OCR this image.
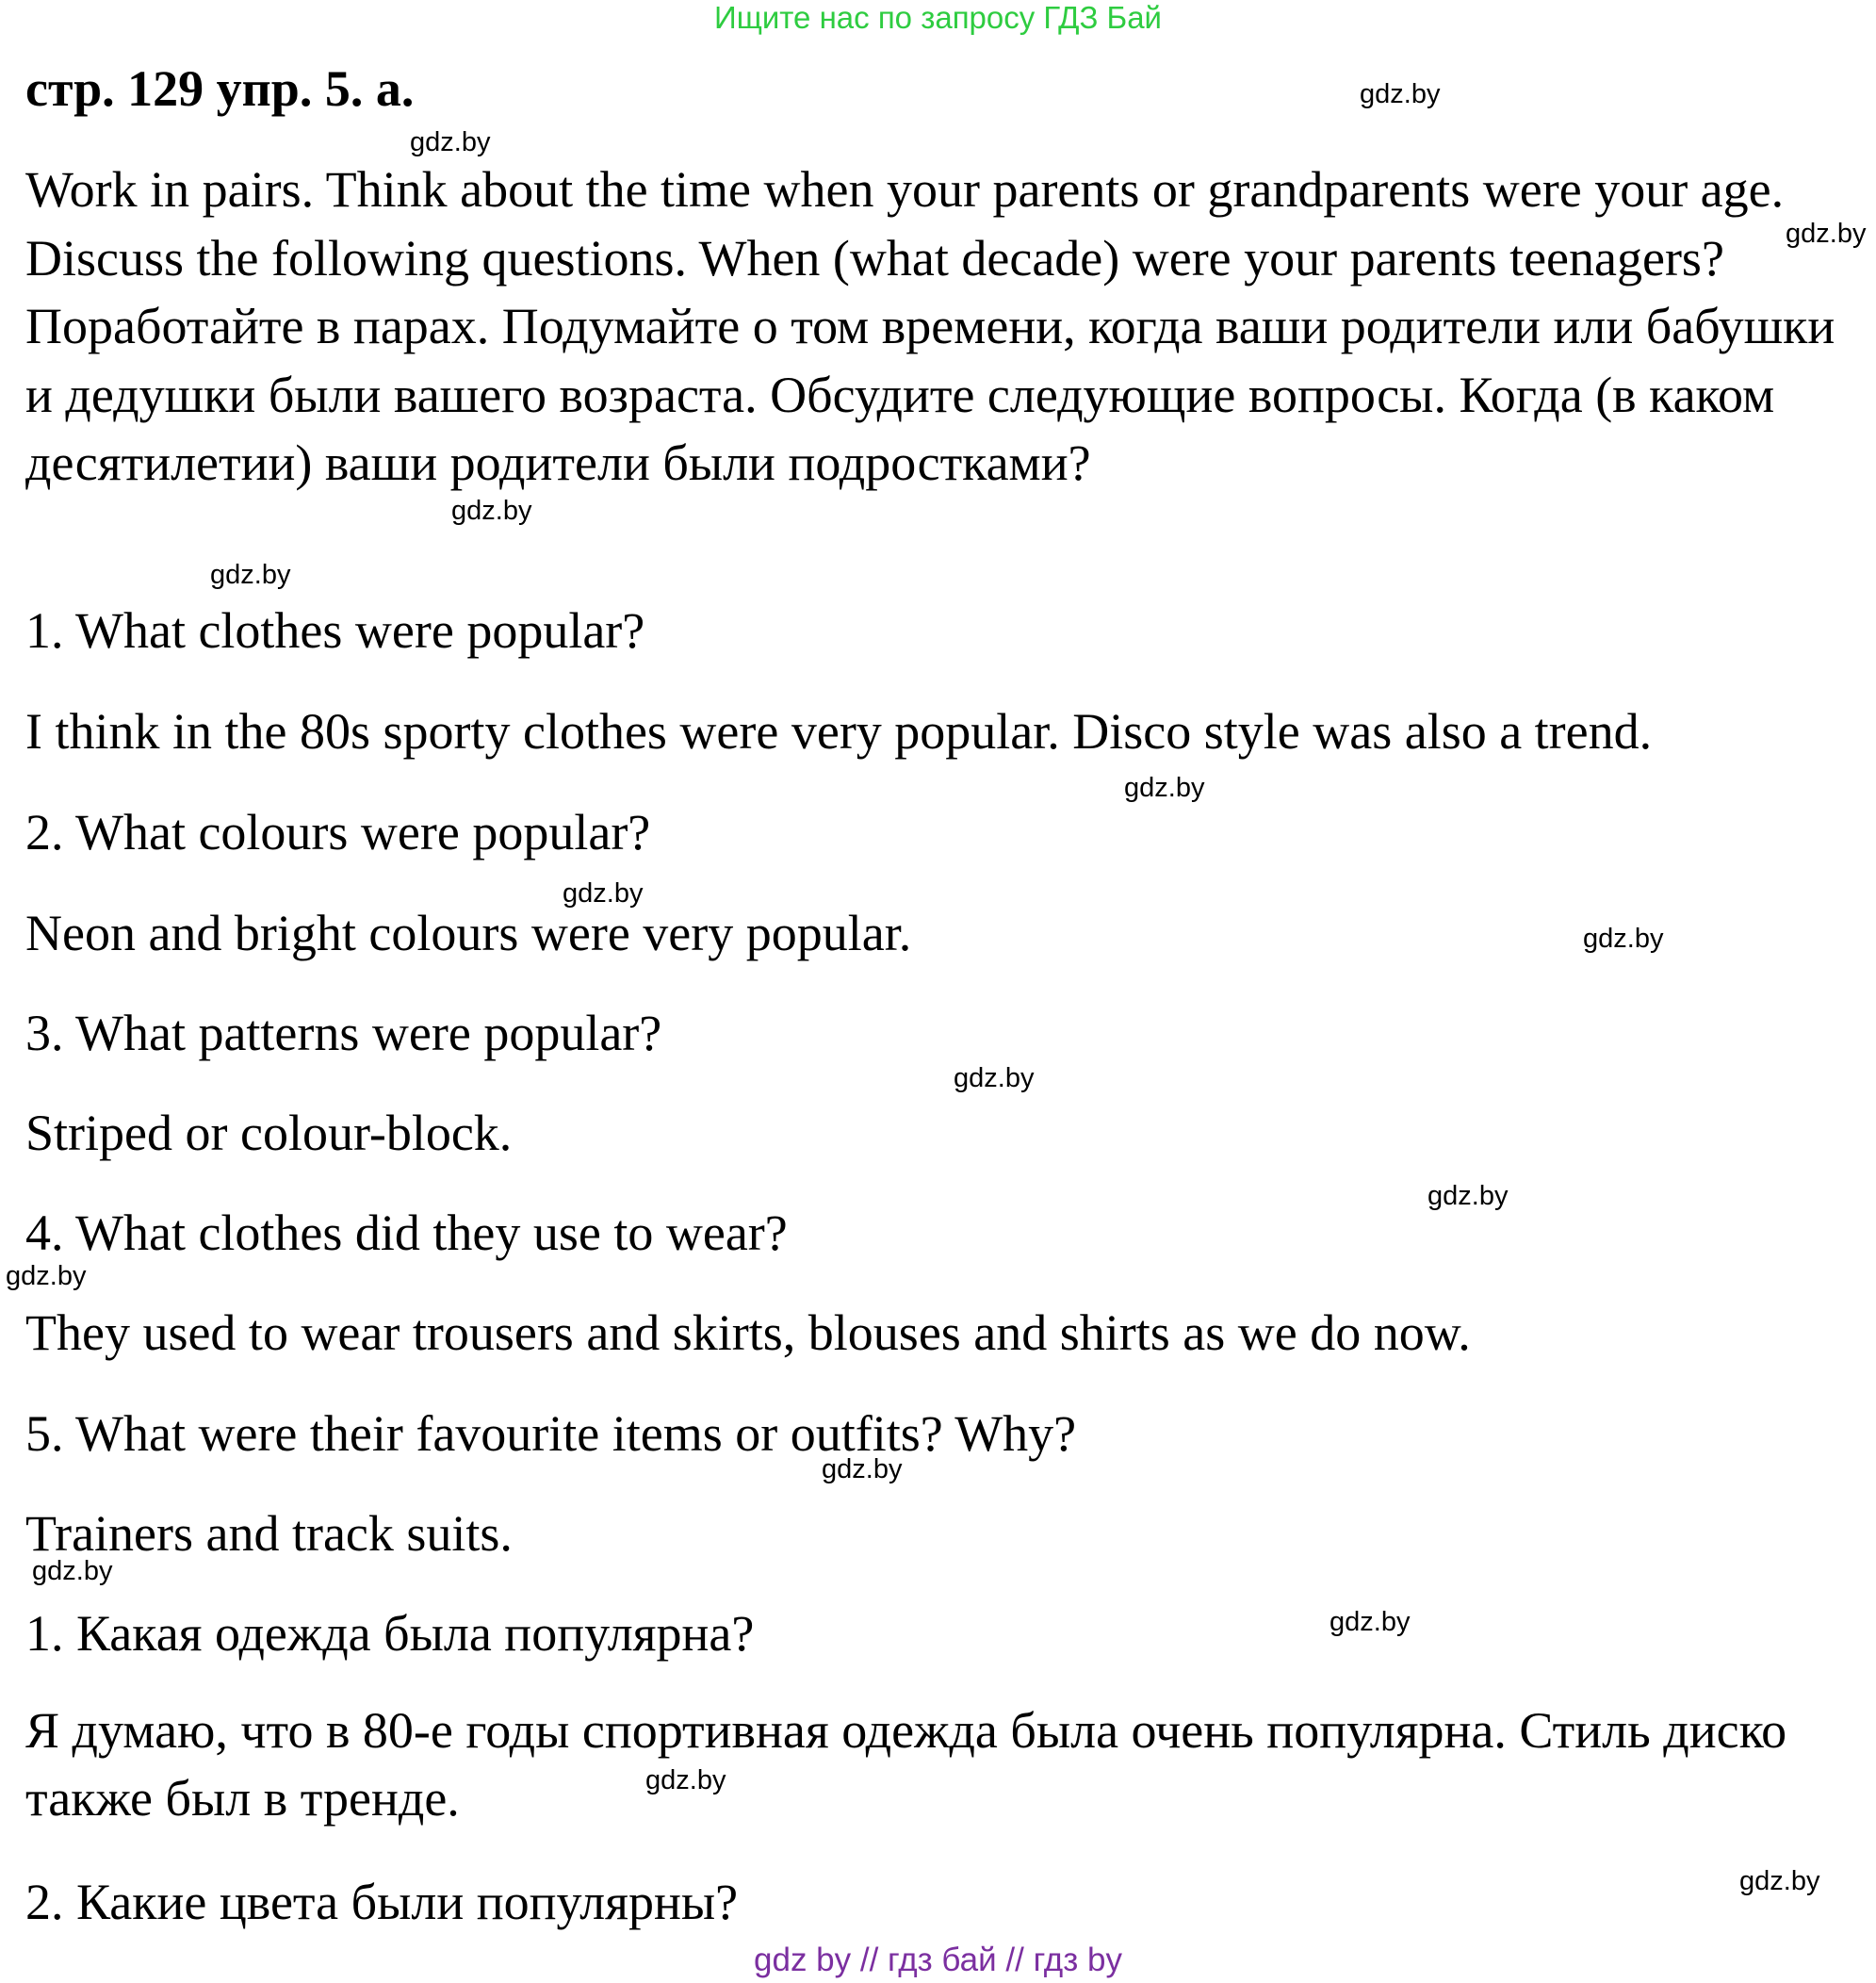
Ищите нас по запросу ГДЗ Бай
стр. 129 упр. 5. a.
Work in pairs. Think about the time when your parents or grandparents were your age. Discuss the following questions. When (what decade) were your parents teenagers? Поработайте в парах. Подумайте о том времени, когда ваши родители или бабушки и дедушки были вашего возраста. Обсудите следующие вопросы. Когда (в каком десятилетии) ваши родители были подростками?
1. What clothes were popular?
I think in the 80s sporty clothes were very popular. Disco style was also a trend.
2. What colours were popular?
Neon and bright colours were very popular.
3. What patterns were popular?
Striped or colour-block.
4. What clothes did they use to wear?
They used to wear trousers and skirts, blouses and shirts as we do now.
5. What were their favourite items or outfits? Why?
Trainers and track suits.
1. Какая одежда была популярна?
Я думаю, что в 80-е годы спортивная одежда была очень популярна. Стиль диско также был в тренде.
2. Какие цвета были популярны?
gdz.by
gdz.by
gdz.by
gdz.by
gdz.by
gdz.by
gdz.by
gdz.by
gdz.by
gdz.by
gdz.by
gdz.by
gdz.by
gdz.by
gdz.by
gdz.by
gdz by // гдз бай // гдз by
